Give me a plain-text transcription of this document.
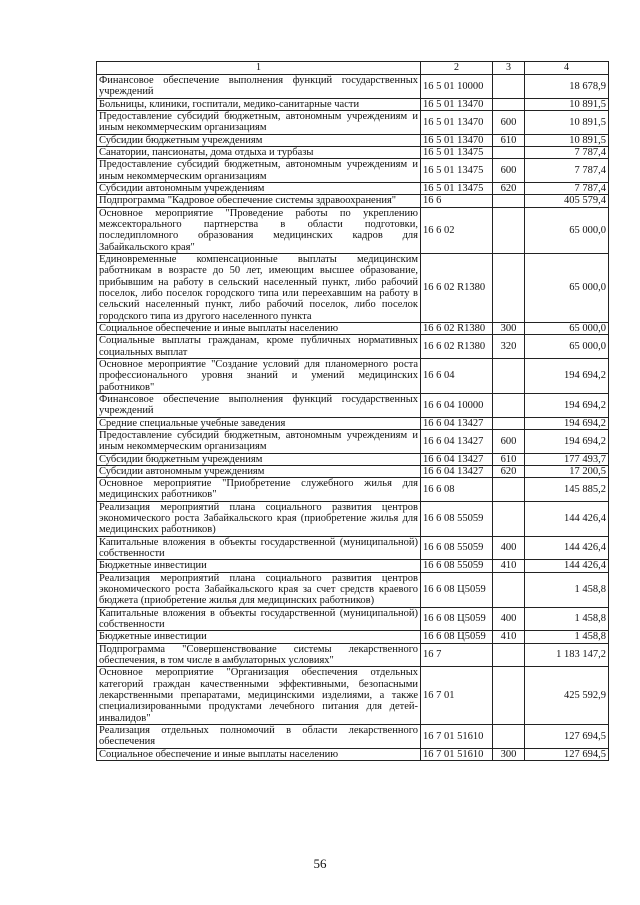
1	2	3	4
Финансовое обеспечение выполнения функций государственных учреждений	16 5 01 10000		18 678,9
Больницы, клиники, госпитали, медико-санитарные части	16 5 01 13470		10 891,5
Предоставление субсидий бюджетным, автономным учреждениям и иным некоммерческим организациям	16 5 01 13470	600	10 891,5
Субсидии бюджетным учреждениям	16 5 01 13470	610	10 891,5
Санатории, пансионаты, дома отдыха и турбазы	16 5 01 13475		7 787,4
Предоставление субсидий бюджетным, автономным учреждениям и иным некоммерческим организациям	16 5 01 13475	600	7 787,4
Субсидии автономным учреждениям	16 5 01 13475	620	7 787,4
Подпрограмма "Кадровое обеспечение системы здравоохранения"	16 6		405 579,4
Основное мероприятие "Проведение работы по укреплению межсекторального партнерства в области подготовки, последипломного образования медицинских кадров для Забайкальского края"	16 6 02		65 000,0
Единовременные компенсационные выплаты медицинским работникам в возрасте до 50 лет, имеющим высшее образование, прибывшим на работу в сельский населенный пункт, либо рабочий поселок, либо поселок городского типа или переехавшим на работу в сельский населенный пункт, либо рабочий поселок, либо поселок городского типа из другого населенного пункта	16 6 02 R1380		65 000,0
Социальное обеспечение и иные выплаты населению	16 6 02 R1380	300	65 000,0
Социальные выплаты гражданам, кроме публичных нормативных социальных выплат	16 6 02 R1380	320	65 000,0
Основное мероприятие "Создание условий для планомерного роста профессионального уровня знаний и умений медицинских работников"	16 6 04		194 694,2
Финансовое обеспечение выполнения функций государственных учреждений	16 6 04 10000		194 694,2
Средние специальные учебные заведения	16 6 04 13427		194 694,2
Предоставление субсидий бюджетным, автономным учреждениям и иным некоммерческим организациям	16 6 04 13427	600	194 694,2
Субсидии бюджетным учреждениям	16 6 04 13427	610	177 493,7
Субсидии автономным учреждениям	16 6 04 13427	620	17 200,5
Основное мероприятие "Приобретение служебного жилья для медицинских работников"	16 6 08		145 885,2
Реализация мероприятий плана социального развития центров экономического роста Забайкальского края (приобретение жилья для медицинских работников)	16 6 08 55059		144 426,4
Капитальные вложения в объекты государственной (муниципальной) собственности	16 6 08 55059	400	144 426,4
Бюджетные инвестиции	16 6 08 55059	410	144 426,4
Реализация мероприятий плана социального развития центров экономического роста Забайкальского края за счет средств краевого бюджета (приобретение жилья для медицинских работников)	16 6 08 Ц5059		1 458,8
Капитальные вложения в объекты государственной (муниципальной) собственности	16 6 08 Ц5059	400	1 458,8
Бюджетные инвестиции	16 6 08 Ц5059	410	1 458,8
Подпрограмма "Совершенствование системы лекарственного обеспечения, в том числе в амбулаторных условиях"	16 7		1 183 147,2
Основное мероприятие "Организация обеспечения отдельных категорий граждан качественными эффективными, безопасными лекарственными препаратами, медицинскими изделиями, а также специализированными продуктами лечебного питания для детей-инвалидов"	16 7 01		425 592,9
Реализация отдельных полномочий в области лекарственного обеспечения	16 7 01 51610		127 694,5
Социальное обеспечение и иные выплаты населению	16 7 01 51610	300	127 694,5
56
